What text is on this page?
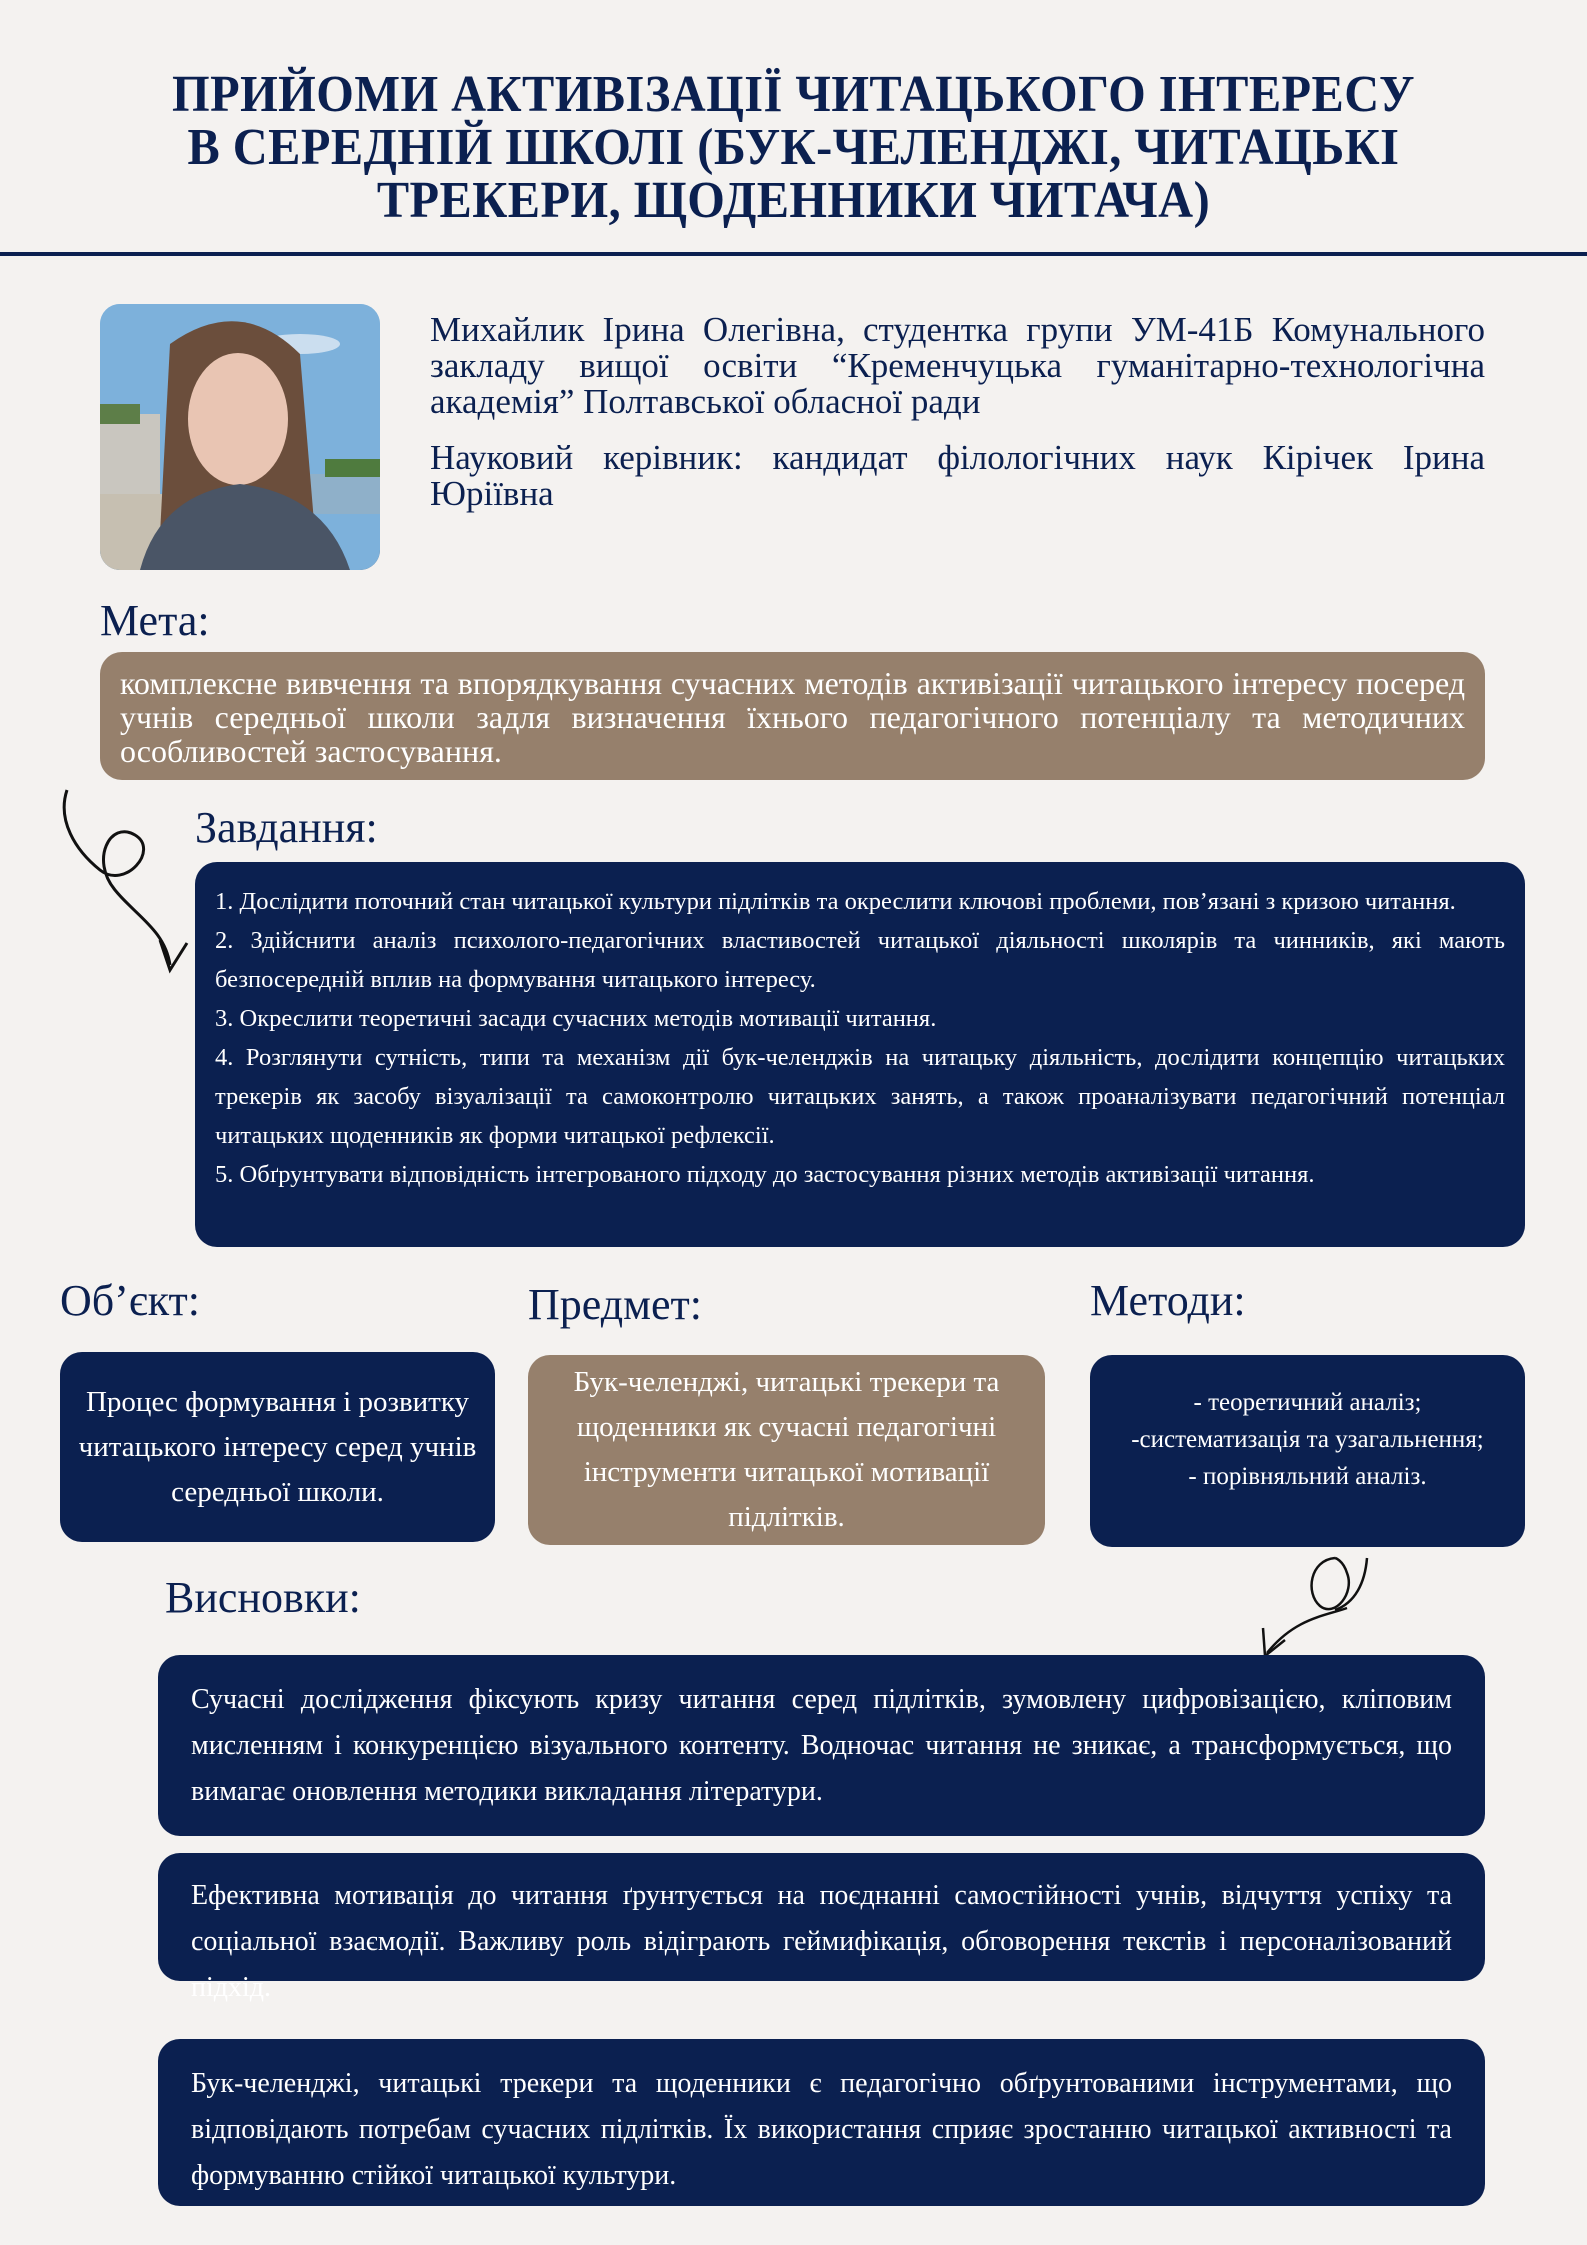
ПРИЙОМИ АКТИВІЗАЦІЇ ЧИТАЦЬКОГО ІНТЕРЕСУ
В СЕРЕДНІЙ ШКОЛІ (БУК-ЧЕЛЕНДЖІ, ЧИТАЦЬКІ
ТРЕКЕРИ, ЩОДЕННИКИ ЧИТАЧА)

Михайлик Ірина Олегівна, студентка групи УМ-41Б Комунального закладу вищої освіти “Кременчуцька гуманітарно-технологічна академія” Полтавської обласної ради

Науковий керівник: кандидат філологічних наук Кірічек Ірина Юріївна

Мета:
комплексне вивчення та впорядкування сучасних методів активізації читацького інтересу посеред учнів середньої школи задля визначення їхнього педагогічного потенціалу та методичних особливостей застосування.
Завдання:
1. Дослідити поточний стан читацької культури підлітків та окреслити ключові проблеми, пов’язані з кризою читання.
2. Здійснити аналіз психолого-педагогічних властивостей читацької діяльності школярів та чинників, які мають безпосередній вплив на формування читацького інтересу.
3. Окреслити теоретичні засади сучасних методів мотивації читання.
4. Розглянути сутність, типи та механізм дії бук-челенджів на читацьку діяльність, дослідити концепцію читацьких трекерів як засобу візуалізації та самоконтролю читацьких занять, а також проаналізувати педагогічний потенціал читацьких щоденників як форми читацької рефлексії.
5. Обґрунтувати відповідність інтегрованого підходу до застосування різних методів активізації читання.
Об’єкт:
Процес формування і розвитку читацького інтересу серед учнів середньої школи.
Предмет:
Бук-челенджі, читацькі трекери та щоденники як сучасні педагогічні інструменти читацької мотивації підлітків.
Методи:
- теоретичний аналіз;
-систематизація та узагальнення;
- порівняльний аналіз.
Висновки:
Сучасні дослідження фіксують кризу читання серед підлітків, зумовлену цифровізацією, кліповим мисленням і конкуренцією візуального контенту. Водночас читання не зникає, а трансформується, що вимагає оновлення методики викладання літератури.
Ефективна мотивація до читання ґрунтується на поєднанні самостійності учнів, відчуття успіху та соціальної взаємодії. Важливу роль відіграють геймифікація, обговорення текстів і персоналізований підхід.
Бук-челенджі, читацькі трекери та щоденники є педагогічно обґрунтованими інструментами, що відповідають потребам сучасних підлітків. Їх використання сприяє зростанню читацької активності та формуванню стійкої читацької культури.
